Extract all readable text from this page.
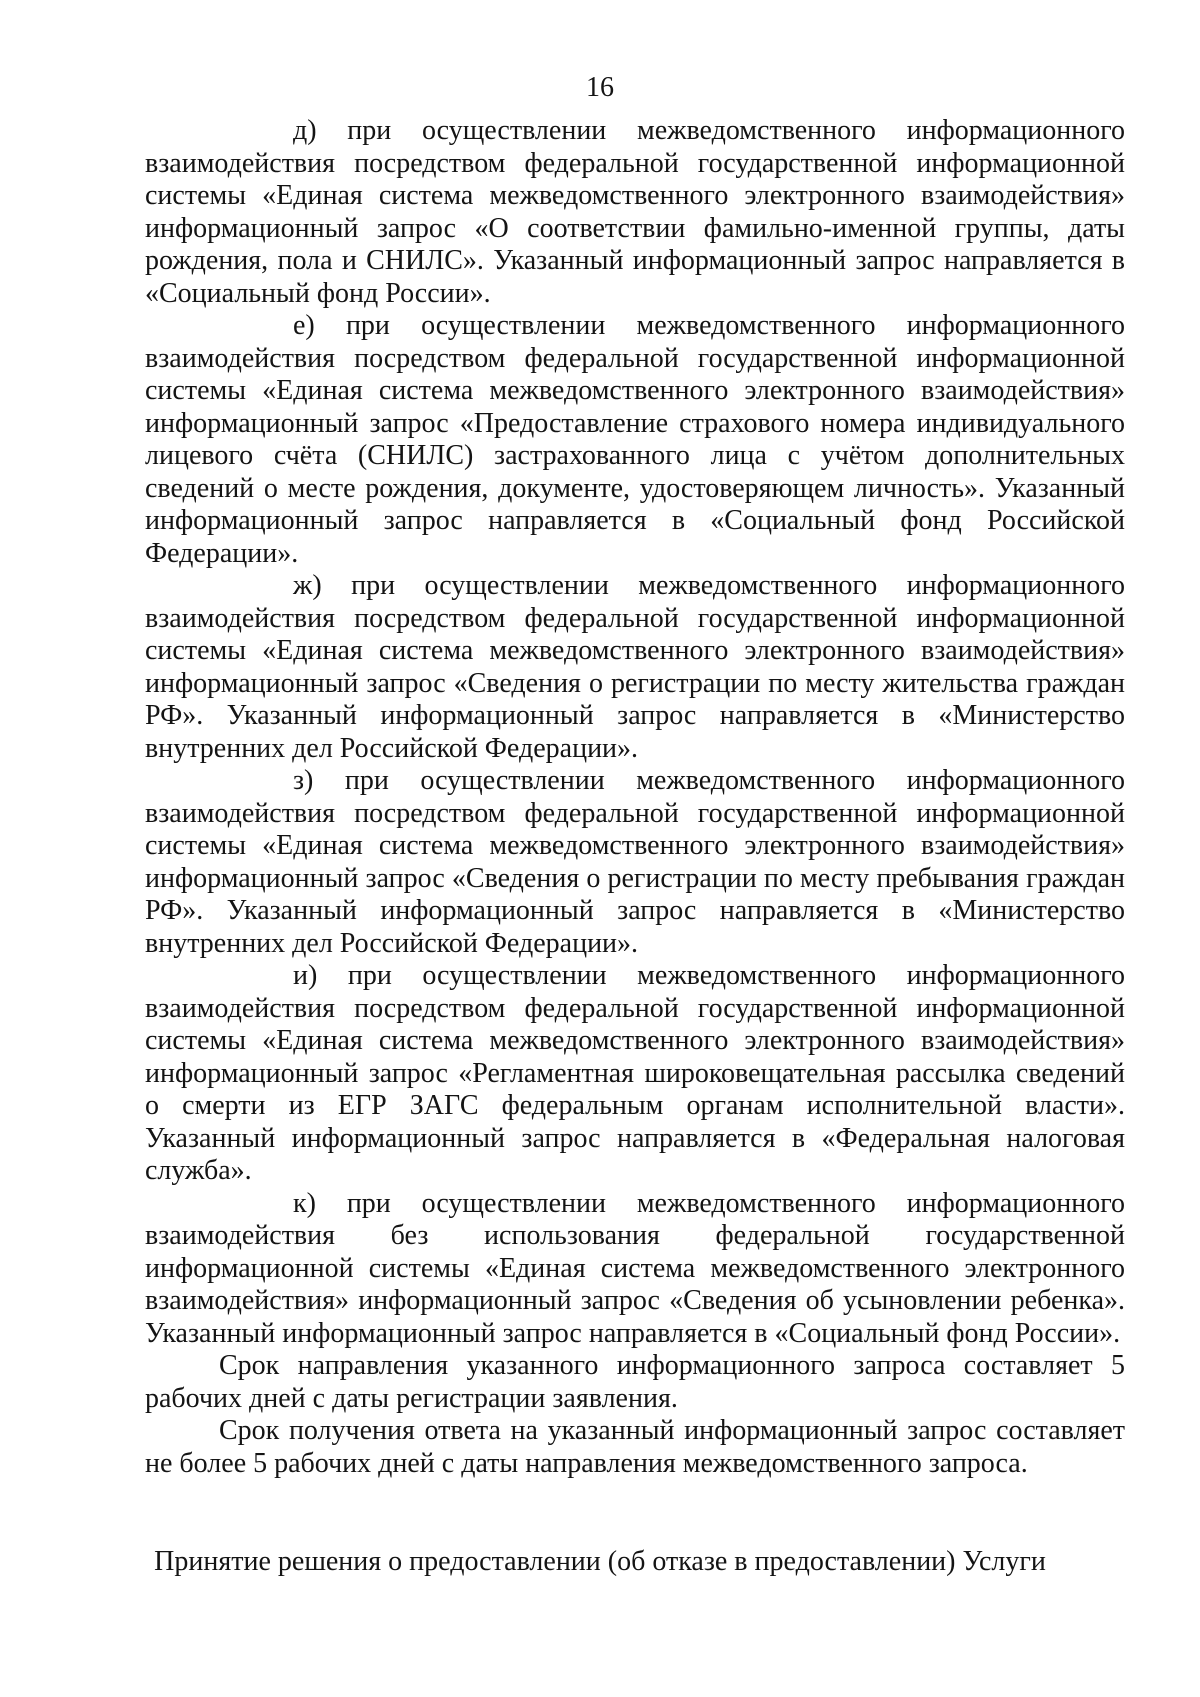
16

д) при осуществлении межведомственного информационного взаимодействия посредством федеральной государственной информационной системы «Единая система межведомственного электронного взаимодействия» информационный запрос «О соответствии фамильно-именной группы, даты рождения, пола и СНИЛС». Указанный информационный запрос направляется в «Социальный фонд России».

е) при осуществлении межведомственного информационного взаимодействия посредством федеральной государственной информационной системы «Единая система межведомственного электронного взаимодействия» информационный запрос «Предоставление страхового номера индивидуального лицевого счёта (СНИЛС) застрахованного лица с учётом дополнительных сведений о месте рождения, документе, удостоверяющем личность». Указанный информационный запрос направляется в «Социальный фонд Российской Федерации».

ж) при осуществлении межведомственного информационного взаимодействия посредством федеральной государственной информационной системы «Единая система межведомственного электронного взаимодействия» информационный запрос «Сведения о регистрации по месту жительства граждан РФ». Указанный информационный запрос направляется в «Министерство внутренних дел Российской Федерации».

з) при осуществлении межведомственного информационного взаимодействия посредством федеральной государственной информационной системы «Единая система межведомственного электронного взаимодействия» информационный запрос «Сведения о регистрации по месту пребывания граждан РФ». Указанный информационный запрос направляется в «Министерство внутренних дел Российской Федерации».

и) при осуществлении межведомственного информационного взаимодействия посредством федеральной государственной информационной системы «Единая система межведомственного электронного взаимодействия» информационный запрос «Регламентная широковещательная рассылка сведений о смерти из ЕГР ЗАГС федеральным органам исполнительной власти». Указанный информационный запрос направляется в «Федеральная налоговая служба».

к) при осуществлении межведомственного информационного взаимодействия без использования федеральной государственной информационной системы «Единая система межведомственного электронного взаимодействия» информационный запрос «Сведения об усыновлении ребенка». Указанный информационный запрос направляется в «Социальный фонд России».

Срок направления указанного информационного запроса составляет 5 рабочих дней с даты регистрации заявления.

Срок получения ответа на указанный информационный запрос составляет не более 5 рабочих дней с даты направления межведомственного запроса.

Принятие решения о предоставлении (об отказе в предоставлении) Услуги
